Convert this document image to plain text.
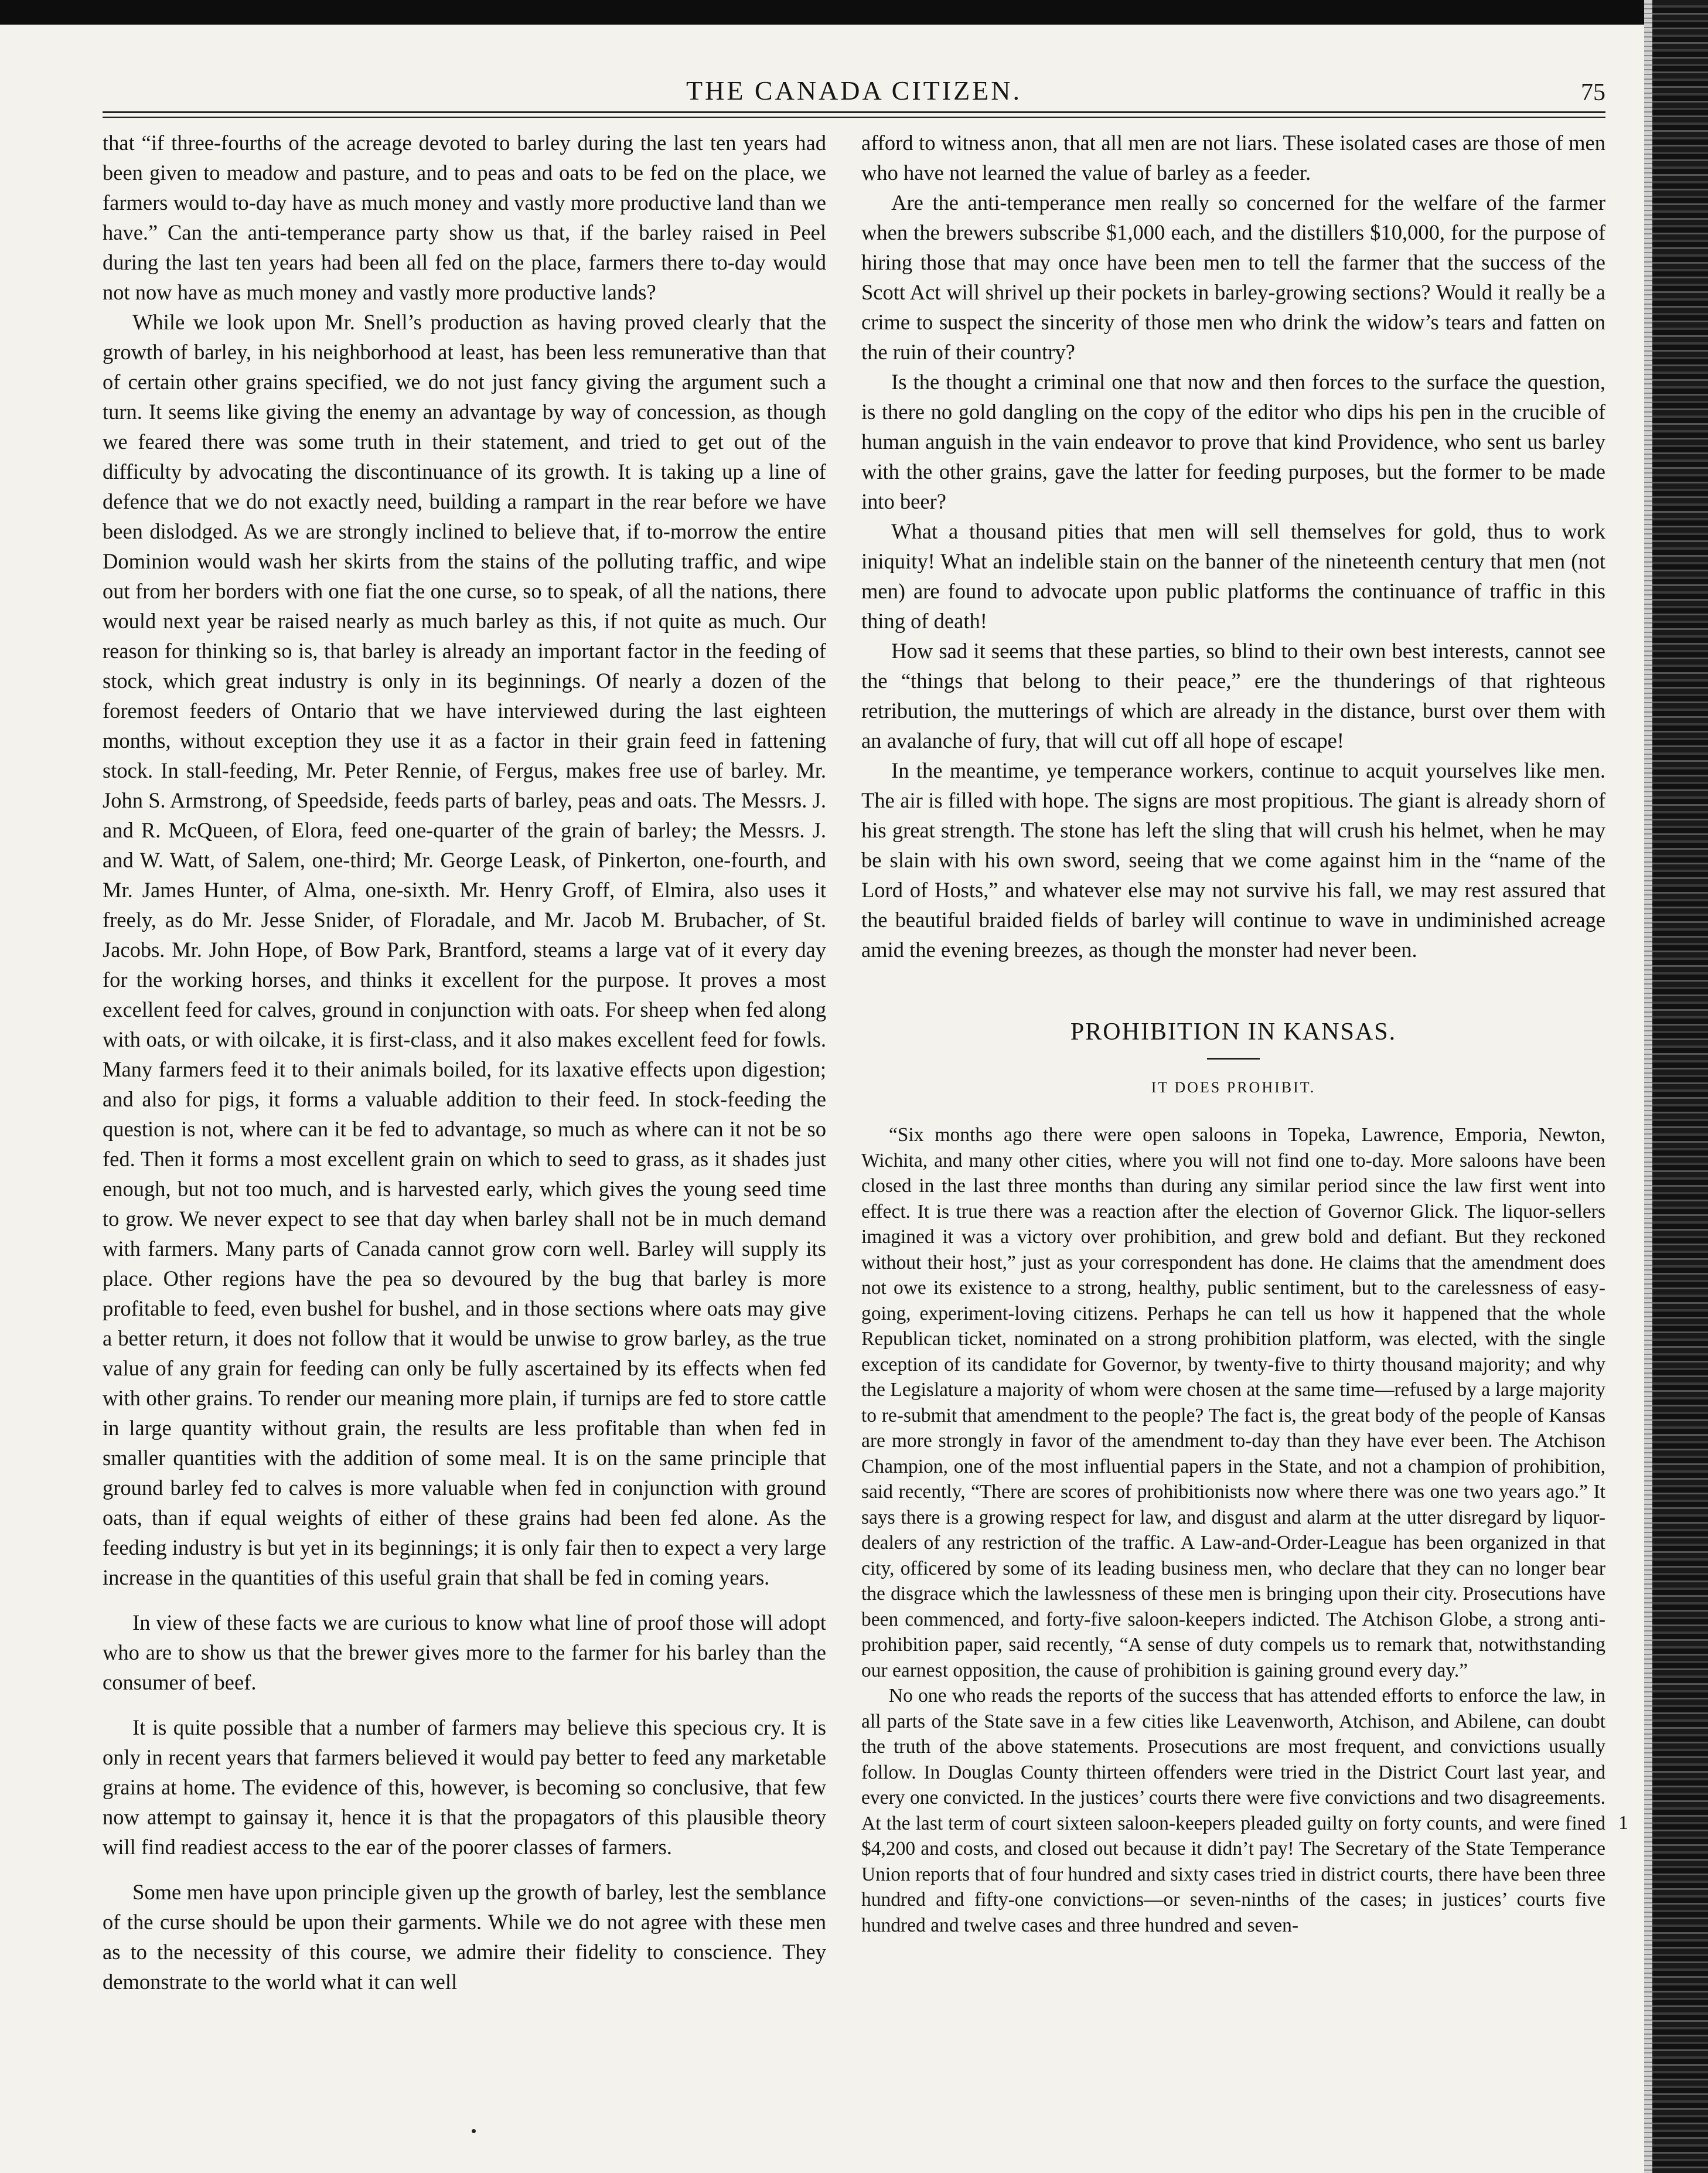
THE CANADA CITIZEN.	75

that “if three-fourths of the acreage devoted to barley during the last ten years had been given to meadow and pasture, and to peas and oats to be fed on the place, we farmers would to-day have as much money and vastly more productive land than we have.” Can the anti-temperance party show us that, if the barley raised in Peel during the last ten years had been all fed on the place, farmers there to-day would not now have as much money and vastly more productive lands?

While we look upon Mr. Snell’s production as having proved clearly that the growth of barley, in his neighborhood at least, has been less remunerative than that of certain other grains specified, we do not just fancy giving the argument such a turn. It seems like giving the enemy an advantage by way of concession, as though we feared there was some truth in their statement, and tried to get out of the difficulty by advocating the discontinuance of its growth. It is taking up a line of defence that we do not exactly need, building a rampart in the rear before we have been dislodged. As we are strongly inclined to believe that, if to-morrow the entire Dominion would wash her skirts from the stains of the polluting traffic, and wipe out from her borders with one fiat the one curse, so to speak, of all the nations, there would next year be raised nearly as much barley as this, if not quite as much. Our reason for thinking so is, that barley is already an important factor in the feeding of stock, which great industry is only in its beginnings. Of nearly a dozen of the foremost feeders of Ontario that we have interviewed during the last eighteen months, without exception they use it as a factor in their grain feed in fattening stock. In stall-feeding, Mr. Peter Rennie, of Fergus, makes free use of barley. Mr. John S. Armstrong, of Speedside, feeds parts of barley, peas and oats. The Messrs. J. and R. McQueen, of Elora, feed one-quarter of the grain of barley; the Messrs. J. and W. Watt, of Salem, one-third; Mr. George Leask, of Pinkerton, one-fourth, and Mr. James Hunter, of Alma, one-sixth. Mr. Henry Groff, of Elmira, also uses it freely, as do Mr. Jesse Snider, of Floradale, and Mr. Jacob M. Brubacher, of St. Jacobs. Mr. John Hope, of Bow Park, Brantford, steams a large vat of it every day for the working horses, and thinks it excellent for the purpose. It proves a most excellent feed for calves, ground in conjunction with oats. For sheep when fed along with oats, or with oilcake, it is first-class, and it also makes excellent feed for fowls. Many farmers feed it to their animals boiled, for its laxative effects upon digestion; and also for pigs, it forms a valuable addition to their feed. In stock-feeding the question is not, where can it be fed to advantage, so much as where can it not be so fed. Then it forms a most excellent grain on which to seed to grass, as it shades just enough, but not too much, and is harvested early, which gives the young seed time to grow. We never expect to see that day when barley shall not be in much demand with farmers. Many parts of Canada cannot grow corn well. Barley will supply its place. Other regions have the pea so devoured by the bug that barley is more profitable to feed, even bushel for bushel, and in those sections where oats may give a better return, it does not follow that it would be unwise to grow barley, as the true value of any grain for feeding can only be fully ascertained by its effects when fed with other grains. To render our meaning more plain, if turnips are fed to store cattle in large quantity without grain, the results are less profitable than when fed in smaller quantities with the addition of some meal. It is on the same principle that ground barley fed to calves is more valuable when fed in conjunction with ground oats, than if equal weights of either of these grains had been fed alone. As the feeding industry is but yet in its beginnings; it is only fair then to expect a very large increase in the quantities of this useful grain that shall be fed in coming years.

In view of these facts we are curious to know what line of proof those will adopt who are to show us that the brewer gives more to the farmer for his barley than the consumer of beef.

It is quite possible that a number of farmers may believe this specious cry. It is only in recent years that farmers believed it would pay better to feed any marketable grains at home. The evidence of this, however, is becoming so conclusive, that few now attempt to gainsay it, hence it is that the propagators of this plausible theory will find readiest access to the ear of the poorer classes of farmers.

Some men have upon principle given up the growth of barley, lest the semblance of the curse should be upon their garments. While we do not agree with these men as to the necessity of this course, we admire their fidelity to conscience. They demonstrate to the world what it can well

afford to witness anon, that all men are not liars. These isolated cases are those of men who have not learned the value of barley as a feeder.

Are the anti-temperance men really so concerned for the welfare of the farmer when the brewers subscribe $1,000 each, and the distillers $10,000, for the purpose of hiring those that may once have been men to tell the farmer that the success of the Scott Act will shrivel up their pockets in barley-growing sections? Would it really be a crime to suspect the sincerity of those men who drink the widow’s tears and fatten on the ruin of their country?

Is the thought a criminal one that now and then forces to the surface the question, is there no gold dangling on the copy of the editor who dips his pen in the crucible of human anguish in the vain endeavor to prove that kind Providence, who sent us barley with the other grains, gave the latter for feeding purposes, but the former to be made into beer?

What a thousand pities that men will sell themselves for gold, thus to work iniquity! What an indelible stain on the banner of the nineteenth century that men (not men) are found to advocate upon public platforms the continuance of traffic in this thing of death!

How sad it seems that these parties, so blind to their own best interests, cannot see the “things that belong to their peace,” ere the thunderings of that righteous retribution, the mutterings of which are already in the distance, burst over them with an avalanche of fury, that will cut off all hope of escape!

In the meantime, ye temperance workers, continue to acquit yourselves like men. The air is filled with hope. The signs are most propitious. The giant is already shorn of his great strength. The stone has left the sling that will crush his helmet, when he may be slain with his own sword, seeing that we come against him in the “name of the Lord of Hosts,” and whatever else may not survive his fall, we may rest assured that the beautiful braided fields of barley will continue to wave in undiminished acreage amid the evening breezes, as though the monster had never been.

PROHIBITION IN KANSAS.
IT DOES PROHIBIT.

“Six months ago there were open saloons in Topeka, Lawrence, Emporia, Newton, Wichita, and many other cities, where you will not find one to-day. More saloons have been closed in the last three months than during any similar period since the law first went into effect. It is true there was a reaction after the election of Governor Glick. The liquor-sellers imagined it was a victory over prohibition, and grew bold and defiant. But they reckoned without their host,” just as your correspondent has done. He claims that the amendment does not owe its existence to a strong, healthy, public sentiment, but to the carelessness of easy-going, experiment-loving citizens. Perhaps he can tell us how it happened that the whole Republican ticket, nominated on a strong prohibition platform, was elected, with the single exception of its candidate for Governor, by twenty-five to thirty thousand majority; and why the Legislature a majority of whom were chosen at the same time—refused by a large majority to re-submit that amendment to the people? The fact is, the great body of the people of Kansas are more strongly in favor of the amendment to-day than they have ever been. The Atchison Champion, one of the most influential papers in the State, and not a champion of prohibition, said recently, “There are scores of prohibitionists now where there was one two years ago.” It says there is a growing respect for law, and disgust and alarm at the utter disregard by liquor-dealers of any restriction of the traffic. A Law-and-Order-League has been organized in that city, officered by some of its leading business men, who declare that they can no longer bear the disgrace which the lawlessness of these men is bringing upon their city. Prosecutions have been commenced, and forty-five saloon-keepers indicted. The Atchison Globe, a strong anti-prohibition paper, said recently, “A sense of duty compels us to remark that, notwithstanding our earnest opposition, the cause of prohibition is gaining ground every day.”

No one who reads the reports of the success that has attended efforts to enforce the law, in all parts of the State save in a few cities like Leavenworth, Atchison, and Abilene, can doubt the truth of the above statements. Prosecutions are most frequent, and convictions usually follow. In Douglas County thirteen offenders were tried in the District Court last year, and every one convicted. In the justices’ courts there were five convictions and two disagreements. At the last term of court sixteen saloon-keepers pleaded guilty on forty counts, and were fined $4,200 and costs, and closed out because it didn’t pay! The Secretary of the State Temperance Union reports that of four hundred and sixty cases tried in district courts, there have been three hundred and fifty-one convictions—or seven-ninths of the cases; in justices’ courts five hundred and twelve cases and three hundred and seven-

1
